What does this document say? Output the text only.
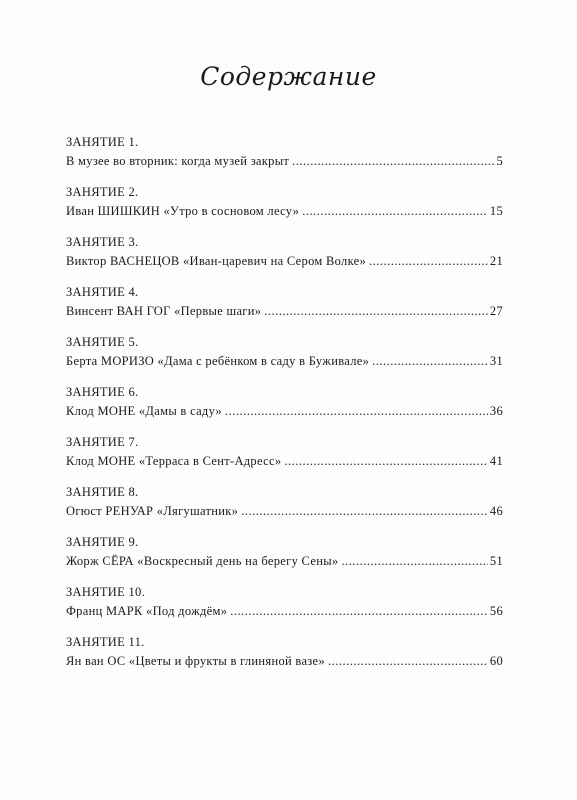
Содержание
ЗАНЯТИЕ 1.
В музее во вторник: когда музей закрыт .....	5
ЗАНЯТИЕ 2.
Иван ШИШКИН «Утро в сосновом лесу» .....	15
ЗАНЯТИЕ 3.
Виктор ВАСНЕЦОВ «Иван-царевич на Сером Волке» .....	21
ЗАНЯТИЕ 4.
Винсент ВАН ГОГ «Первые шаги» .....	27
ЗАНЯТИЕ 5.
Берта МОРИЗО «Дама с ребёнком в саду в Буживале» .....	31
ЗАНЯТИЕ 6.
Клод МОНЕ «Дамы в саду» .....	36
ЗАНЯТИЕ 7.
Клод МОНЕ «Терраса в Сент-Адресс» .....	41
ЗАНЯТИЕ 8.
Огюст РЕНУАР «Лягушатник» .....	46
ЗАНЯТИЕ 9.
Жорж СЁРА «Воскресный день на берегу Сены» .....	51
ЗАНЯТИЕ 10.
Франц МАРК «Под дождём» .....	56
ЗАНЯТИЕ 11.
Ян ван ОС «Цветы и фрукты в глиняной вазе» .....	60
